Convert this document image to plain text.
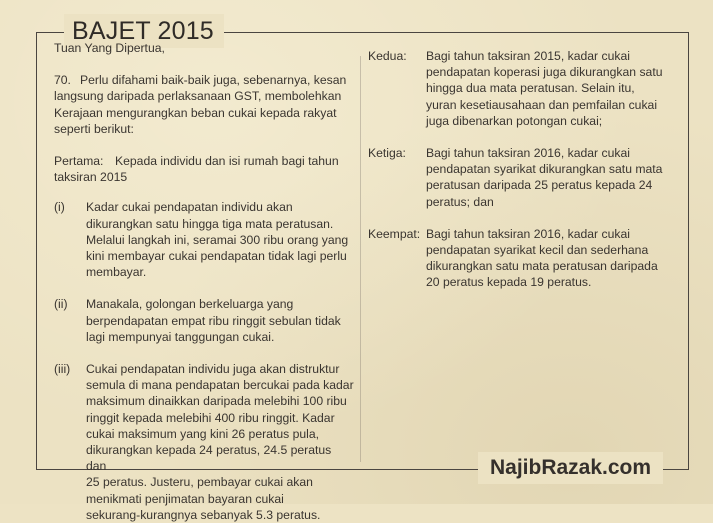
BAJET 2015

Tuan Yang Dipertua,

70. Perlu difahami baik-baik juga, sebenarnya, kesan

langsung daripada perlaksanaan GST, membolehkan

Kerajaan mengurangkan beban cukai kepada rakyat

seperti berikut:

Pertama: Kepada individu dan isi rumah bagi tahun

taksiran 2015

(i)	Kadar cukai pendapatan individu akan

dikurangkan satu hingga tiga mata peratusan.

Melalui langkah ini, seramai 300 ribu orang yang

kini membayar cukai pendapatan tidak lagi perlu

membayar.

(ii)	Manakala, golongan berkeluarga yang

berpendapatan empat ribu ringgit sebulan tidak

lagi mempunyai tanggungan cukai.

(iii)	Cukai pendapatan individu juga akan distruktur

semula di mana pendapatan bercukai pada kadar

maksimum dinaikkan daripada melebihi 100 ribu

ringgit kepada melebihi 400 ribu ringgit. Kadar

cukai maksimum yang kini 26 peratus pula,

dikurangkan kepada 24 peratus, 24.5 peratus dan

25 peratus. Justeru, pembayar cukai akan

menikmati penjimatan bayaran cukai

sekurang-kurangnya sebanyak 5.3 peratus.

Kedua:	Bagi tahun taksiran 2015, kadar cukai

pendapatan koperasi juga dikurangkan satu

hingga dua mata peratusan. Selain itu,

yuran kesetiausahaan dan pemfailan cukai

juga dibenarkan potongan cukai;

Ketiga:	Bagi tahun taksiran 2016, kadar cukai

pendapatan syarikat dikurangkan satu mata

peratusan daripada 25 peratus kepada 24

peratus; dan

Keempat: Bagi tahun taksiran 2016, kadar cukai

pendapatan syarikat kecil dan sederhana

dikurangkan satu mata peratusan daripada

20 peratus kepada 19 peratus.

NajibRazak.com
